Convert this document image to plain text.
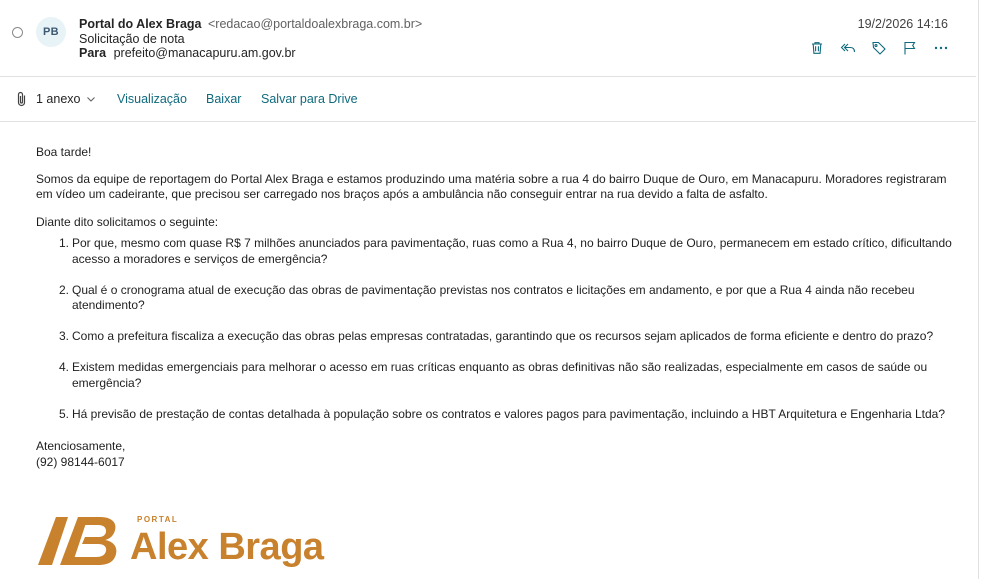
PB
Portal do Alex Braga <redacao@portaldoalexbraga.com.br>
Solicitação de nota
Para prefeito@manacapuru.am.gov.br
19/2/2026 14:16
1 anexo	Visualização Baixar Salvar para Drive

Boa tarde!

Somos da equipe de reportagem do Portal Alex Braga e estamos produzindo uma matéria sobre a rua 4 do bairro Duque de Ouro, em Manacapuru. Moradores registraram em vídeo um cadeirante, que precisou ser carregado nos braços após a ambulância não conseguir entrar na rua devido a falta de asfalto.

Diante dito solicitamos o seguinte:

1. Por que, mesmo com quase R$ 7 milhões anunciados para pavimentação, ruas como a Rua 4, no bairro Duque de Ouro, permanecem em estado crítico, dificultando acesso a moradores e serviços de emergência?
2. Qual é o cronograma atual de execução das obras de pavimentação previstas nos contratos e licitações em andamento, e por que a Rua 4 ainda não recebeu atendimento?
3. Como a prefeitura fiscaliza a execução das obras pelas empresas contratadas, garantindo que os recursos sejam aplicados de forma eficiente e dentro do prazo?
4. Existem medidas emergenciais para melhorar o acesso em ruas críticas enquanto as obras definitivas não são realizadas, especialmente em casos de saúde ou emergência?
5. Há previsão de prestação de contas detalhada à população sobre os contratos e valores pagos para pavimentação, incluindo a HBT Arquitetura e Engenharia Ltda?

Atenciosamente,

(92) 98144-6017

PORTAL
Alex Braga
